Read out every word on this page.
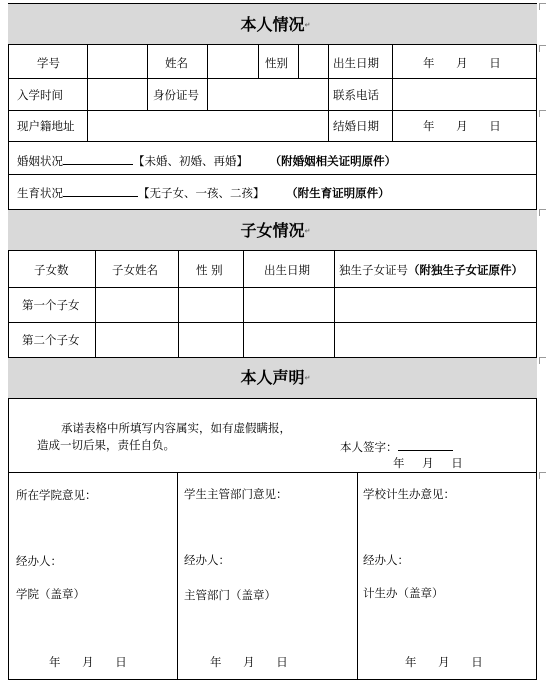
本人情况 ↵
学号	姓名	性别	出生日期	年 月 日
入学时间	身份证号	联系电话
现户籍地址	结婚日期	年 月 日
婚姻状况	【未婚、初婚、再婚】 （附婚姻相关证明原件）
生育状况	【无子女、一孩、二孩】 （附生育证明原件）
子女情况 ↵
子女数	子女姓名	性 别	出生日期	独生子女证号（附独生子女证原件）
第一个子女
第二个子女
本人声明 ↵
承诺表格中所填写内容属实，如有虚假瞒报，
造成一切后果，责任自负。	本人签字：
年 月 日
所在学院意见：
经办人：
学院（盖章）
年 月 日
学生主管部门意见：
经办人：
主管部门（盖章）
年 月 日
学校计生办意见：
经办人：
计生办（盖章）
年 月 日
